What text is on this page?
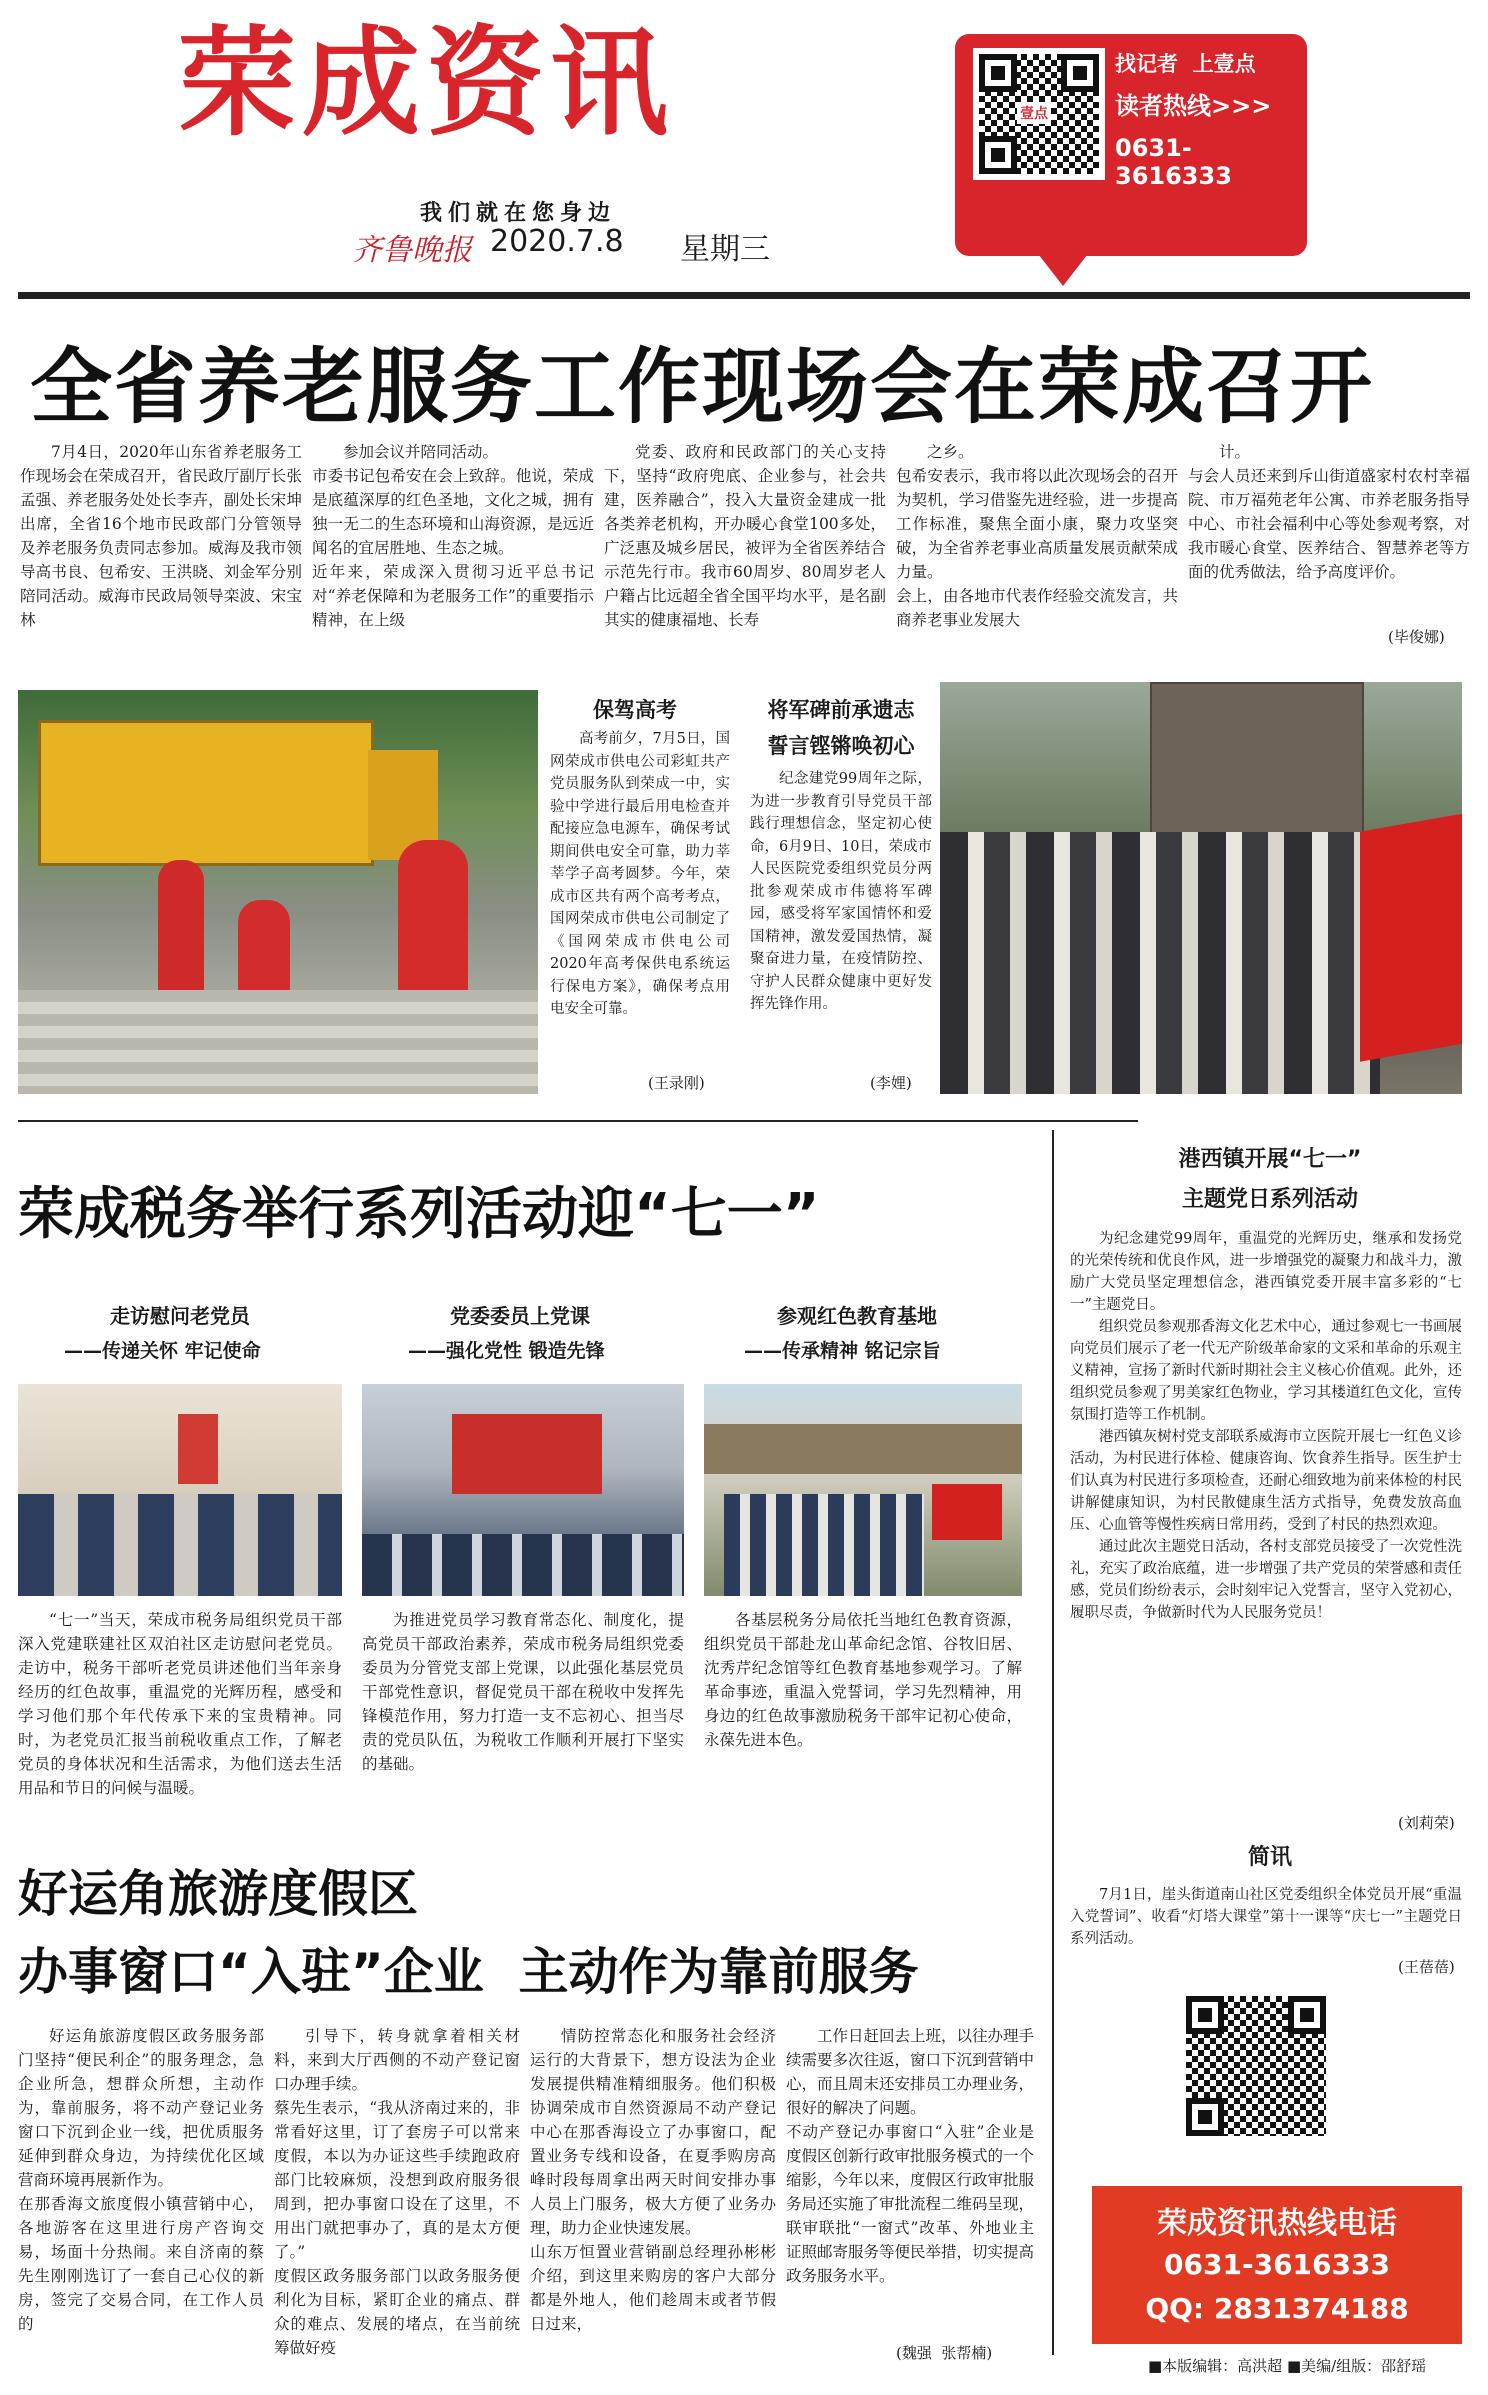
荣成资讯
我们就在您身边
齐鲁晚报 2020.7.8 星期三
壹点
找记者  上壹点
读者热线>>>
0631-3616333
全省养老服务工作现场会在荣成召开

7月4日，2020年山东省养老服务工作现场会在荣成召开，省民政厅副厅长张孟强、养老服务处处长李卉，副处长宋坤出席，全省16个地市民政部门分管领导及养老服务负责同志参加。威海及我市领导高书良、包希安、王洪晓、刘金军分别陪同活动。威海市民政局领导栾波、宋宝林

参加会议并陪同活动。
市委书记包希安在会上致辞。他说，荣成是底蕴深厚的红色圣地，文化之城，拥有独一无二的生态环境和山海资源，是远近闻名的宜居胜地、生态之城。
近年来，荣成深入贯彻习近平总书记对“养老保障和为老服务工作”的重要指示精神，在上级

党委、政府和民政部门的关心支持下，坚持“政府兜底、企业参与，社会共建，医养融合”，投入大量资金建成一批各类养老机构，开办暖心食堂100多处，广泛惠及城乡居民，被评为全省医养结合示范先行市。我市60周岁、80周岁老人户籍占比远超全省全国平均水平，是名副其实的健康福地、长寿

之乡。
包希安表示，我市将以此次现场会的召开为契机，学习借鉴先进经验，进一步提高工作标准，聚焦全面小康，聚力攻坚突破，为全省养老事业高质量发展贡献荣成力量。
会上，由各地市代表作经验交流发言，共商养老事业发展大

计。
与会人员还来到斥山街道盛家村农村幸福院、市万福苑老年公寓、市养老服务指导中心、市社会福利中心等处参观考察，对我市暖心食堂、医养结合、智慧养老等方面的优秀做法，给予高度评价。

(毕俊娜)
保驾高考

高考前夕，7月5日，国网荣成市供电公司彩虹共产党员服务队到荣成一中，实验中学进行最后用电检查并配接应急电源车，确保考试期间供电安全可靠，助力莘莘学子高考圆梦。今年，荣成市区共有两个高考考点，国网荣成市供电公司制定了《国网荣成市供电公司2020年高考保供电系统运行保电方案》，确保考点用电安全可靠。

(王录刚)
将军碑前承遗志
誓言铿锵唤初心

纪念建党99周年之际，为进一步教育引导党员干部践行理想信念，坚定初心使命，6月9日、10日，荣成市人民医院党委组织党员分两批参观荣成市伟德将军碑园，感受将军家国情怀和爱国精神，激发爱国热情，凝聚奋进力量，在疫情防控、守护人民群众健康中更好发挥先锋作用。

(李娌)
荣成税务举行系列活动迎“七一”
走访慰问老党员
——传递关怀 牢记使命
党委委员上党课
——强化党性 锻造先锋
参观红色教育基地
——传承精神 铭记宗旨

“七一”当天，荣成市税务局组织党员干部深入党建联建社区双泊社区走访慰问老党员。走访中，税务干部听老党员讲述他们当年亲身经历的红色故事，重温党的光辉历程，感受和学习他们那个年代传承下来的宝贵精神。同时，为老党员汇报当前税收重点工作，了解老党员的身体状况和生活需求，为他们送去生活用品和节日的问候与温暖。

为推进党员学习教育常态化、制度化，提高党员干部政治素养，荣成市税务局组织党委委员为分管党支部上党课，以此强化基层党员干部党性意识，督促党员干部在税收中发挥先锋模范作用，努力打造一支不忘初心、担当尽责的党员队伍，为税收工作顺利开展打下坚实的基础。

各基层税务分局依托当地红色教育资源，组织党员干部赴龙山革命纪念馆、谷牧旧居、沈秀芹纪念馆等红色教育基地参观学习。了解革命事迹，重温入党誓词，学习先烈精神，用身边的红色故事激励税务干部牢记初心使命，永葆先进本色。

好运角旅游度假区
办事窗口“入驻”企业  主动作为靠前服务

好运角旅游度假区政务服务部门坚持“便民利企”的服务理念，急企业所急，想群众所想，主动作为，靠前服务，将不动产登记业务窗口下沉到企业一线，把优质服务延伸到群众身边，为持续优化区域营商环境再展新作为。
在那香海文旅度假小镇营销中心，各地游客在这里进行房产咨询交易，场面十分热闹。来自济南的蔡先生刚刚选订了一套自己心仪的新房，签完了交易合同，在工作人员的

引导下，转身就拿着相关材料，来到大厅西侧的不动产登记窗口办理手续。
蔡先生表示，“我从济南过来的，非常看好这里，订了套房子可以常来度假，本以为办证这些手续跑政府部门比较麻烦，没想到政府服务很周到，把办事窗口设在了这里，不用出门就把事办了，真的是太方便了。”
度假区政务服务部门以政务服务便利化为目标，紧盯企业的痛点、群众的难点、发展的堵点，在当前统筹做好疫

情防控常态化和服务社会经济运行的大背景下，想方设法为企业发展提供精准精细服务。他们积极协调荣成市自然资源局不动产登记中心在那香海设立了办事窗口，配置业务专线和设备，在夏季购房高峰时段每周拿出两天时间安排办事人员上门服务，极大方便了业务办理，助力企业快速发展。
山东万恒置业营销副总经理孙彬彬介绍，到这里来购房的客户大部分都是外地人，他们趁周末或者节假日过来，

工作日赶回去上班，以往办理手续需要多次往返，窗口下沉到营销中心，而且周末还安排员工办理业务，很好的解决了问题。
不动产登记办事窗口“入驻”企业是度假区创新行政审批服务模式的一个缩影，今年以来，度假区行政审批服务局还实施了审批流程二维码呈现，联审联批“一窗式”改革、外地业主证照邮寄服务等便民举措，切实提高政务服务水平。

(魏强  张帮楠)
港西镇开展“七一”
主题党日系列活动

为纪念建党99周年，重温党的光辉历史，继承和发扬党的光荣传统和优良作风，进一步增强党的凝聚力和战斗力，激励广大党员坚定理想信念，港西镇党委开展丰富多彩的“七一”主题党日。

组织党员参观那香海文化艺术中心，通过参观七一书画展向党员们展示了老一代无产阶级革命家的文采和革命的乐观主义精神，宣扬了新时代新时期社会主义核心价值观。此外，还组织党员参观了男美家红色物业，学习其楼道红色文化，宣传氛围打造等工作机制。

港西镇灰树村党支部联系威海市立医院开展七一红色义诊活动，为村民进行体检、健康咨询、饮食养生指导。医生护士们认真为村民进行多项检查，还耐心细致地为前来体检的村民讲解健康知识，为村民散健康生活方式指导，免费发放高血压、心血管等慢性疾病日常用药，受到了村民的热烈欢迎。

通过此次主题党日活动，各村支部党员接受了一次党性洗礼，充实了政治底蕴，进一步增强了共产党员的荣誉感和责任感，党员们纷纷表示，会时刻牢记入党誓言，坚守入党初心，履职尽责，争做新时代为人民服务党员！

(刘莉荣)
简讯

7月1日，崖头街道南山社区党委组织全体党员开展“重温入党誓词”、收看“灯塔大课堂”第十一课等“庆七一”主题党日系列活动。

(王蓓蓓)
荣成资讯热线电话
0631-3616333
QQ: 2831374188
■本版编辑：高洪超 ■美编/组版：邵舒瑶
